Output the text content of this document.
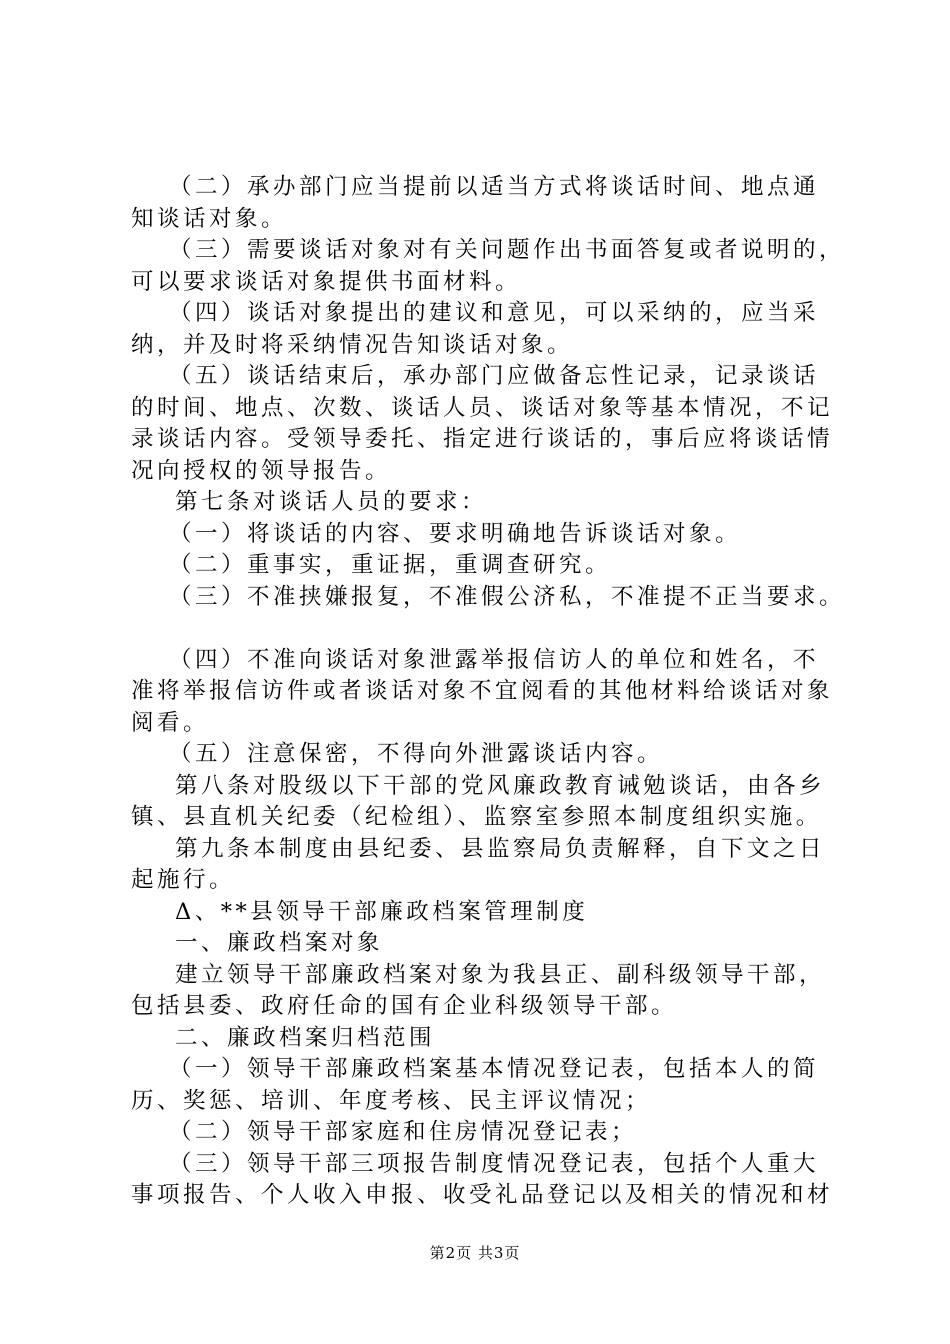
（二）承办部门应当提前以适当方式将谈话时间、地点通
知谈话对象。
（三）需要谈话对象对有关问题作出书面答复或者说明的，
可以要求谈话对象提供书面材料。
（四）谈话对象提出的建议和意见，可以采纳的，应当采
纳，并及时将采纳情况告知谈话对象。
（五）谈话结束后，承办部门应做备忘性记录，记录谈话
的时间、地点、次数、谈话人员、谈话对象等基本情况，不记
录谈话内容。受领导委托、指定进行谈话的，事后应将谈话情
况向授权的领导报告。
第七条对谈话人员的要求：
（一）将谈话的内容、要求明确地告诉谈话对象。
（二）重事实，重证据，重调查研究。
（三）不准挟嫌报复，不准假公济私，不准提不正当要求。
（四）不准向谈话对象泄露举报信访人的单位和姓名，不
准将举报信访件或者谈话对象不宜阅看的其他材料给谈话对象
阅看。
（五）注意保密，不得向外泄露谈话内容。
第八条对股级以下干部的党风廉政教育诫勉谈话，由各乡
镇、县直机关纪委（纪检组）、监察室参照本制度组织实施。
第九条本制度由县纪委、县监察局负责解释，自下文之日
起施行。
Δ、**县领导干部廉政档案管理制度
一、廉政档案对象
建立领导干部廉政档案对象为我县正、副科级领导干部，
包括县委、政府任命的国有企业科级领导干部。
二、廉政档案归档范围
（一）领导干部廉政档案基本情况登记表，包括本人的简
历、奖惩、培训、年度考核、民主评议情况；
（二）领导干部家庭和住房情况登记表；
（三）领导干部三项报告制度情况登记表，包括个人重大
事项报告、个人收入申报、收受礼品登记以及相关的情况和材
第2页 共3页
